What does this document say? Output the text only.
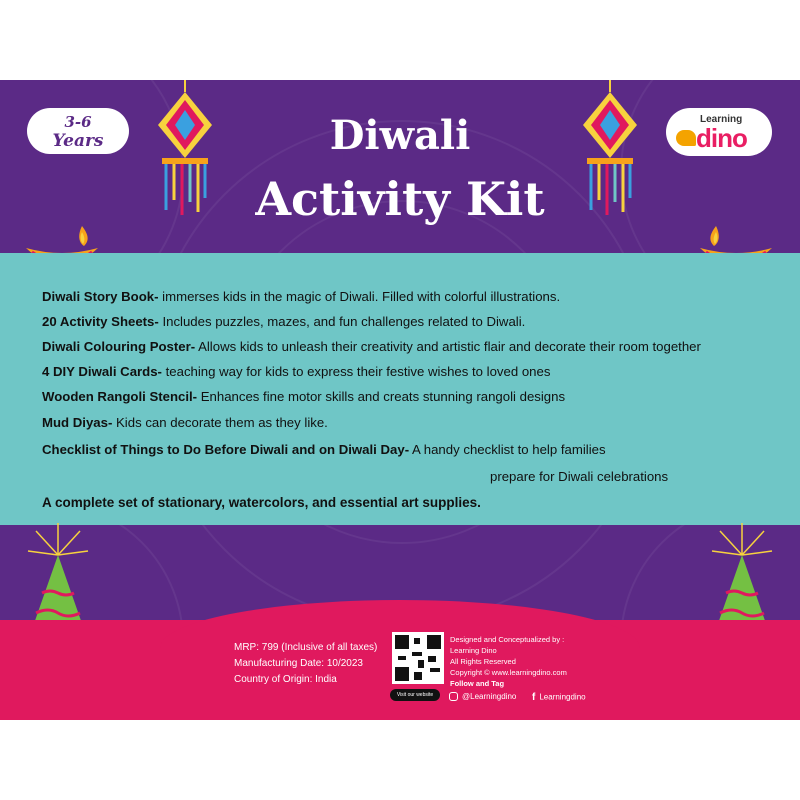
3-6
Years
Learning
dino
Diwali
Activity Kit
Diwali Story Book- immerses kids in the magic of Diwali. Filled with colorful illustrations.
20 Activity Sheets- Includes puzzles, mazes, and fun challenges related to Diwali.
Diwali Colouring Poster- Allows kids to unleash their creativity and artistic flair and decorate their room together
4 DIY Diwali Cards- teaching way for kids to express their festive wishes to loved ones
Wooden Rangoli Stencil- Enhances fine motor skills and creats stunning rangoli designs
Mud Diyas- Kids can decorate them as they like.
Checklist of Things to Do Before Diwali and on Diwali Day- A handy checklist to help families
prepare for Diwali celebrations
A complete set of stationary, watercolors, and essential art supplies.
MRP: 799 (Inclusive of all taxes)
Manufacturing Date: 10/2023
Country of Origin: India
Visit our website
Designed and Conceptualized by :
Learning Dino
All Rights Reserved
Copyright © www.learningdino.com
Follow and Tag
@Learningdino f Learningdino
